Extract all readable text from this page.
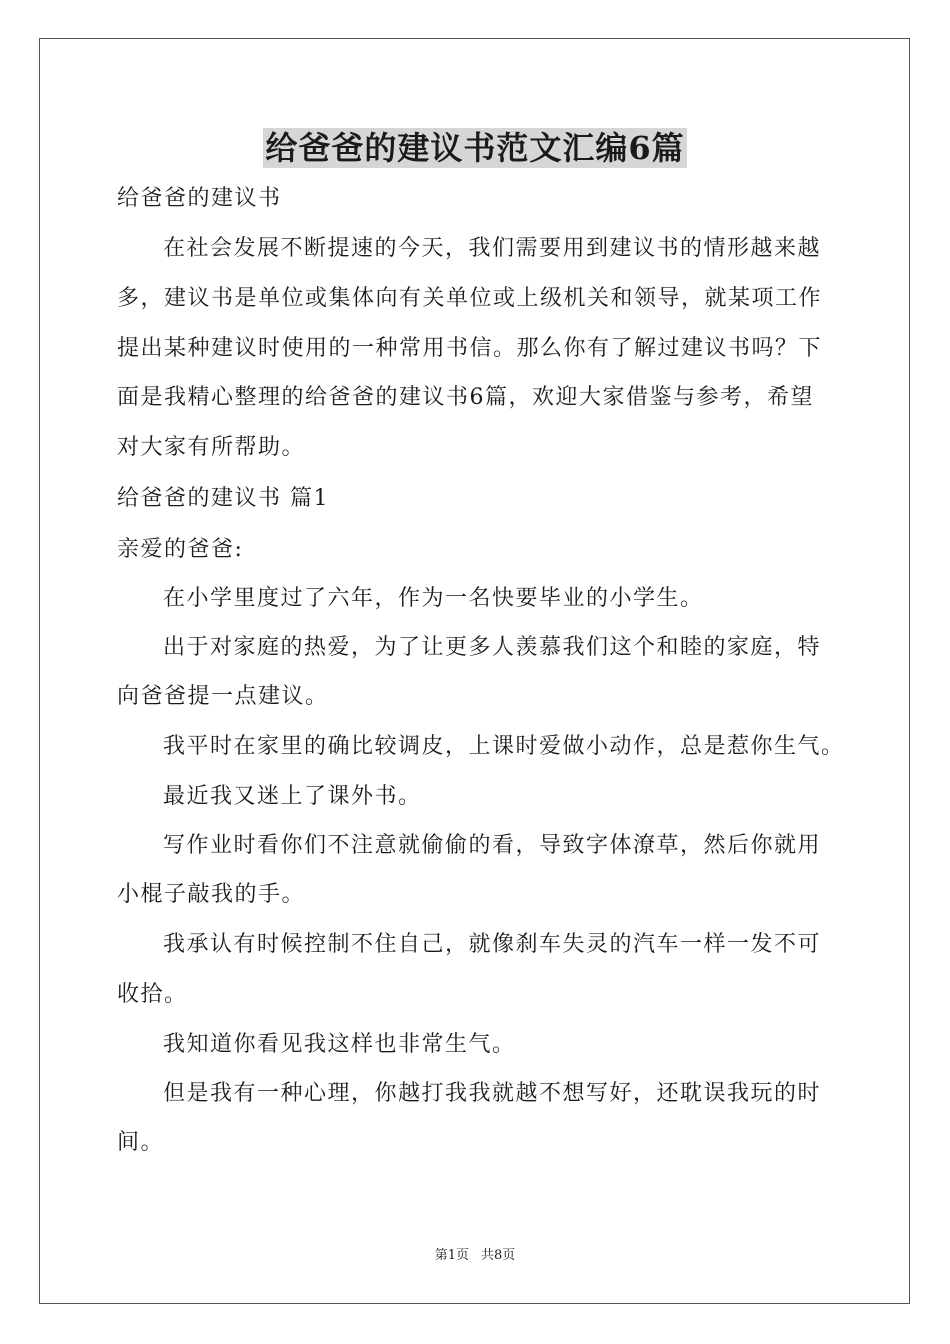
给爸爸的建议书范文汇编6篇
给爸爸的建议书
在社会发展不断提速的今天，我们需要用到建议书的情形越来越
多，建议书是单位或集体向有关单位或上级机关和领导，就某项工作
提出某种建议时使用的一种常用书信。那么你有了解过建议书吗？下
面是我精心整理的给爸爸的建议书6篇，欢迎大家借鉴与参考，希望
对大家有所帮助。
给爸爸的建议书 篇1
亲爱的爸爸:
在小学里度过了六年，作为一名快要毕业的小学生。
出于对家庭的热爱，为了让更多人羡慕我们这个和睦的家庭，特
向爸爸提一点建议。
我平时在家里的确比较调皮，上课时爱做小动作，总是惹你生气。
最近我又迷上了课外书。
写作业时看你们不注意就偷偷的看，导致字体潦草，然后你就用
小棍子敲我的手。
我承认有时候控制不住自己，就像刹车失灵的汽车一样一发不可
收拾。
我知道你看见我这样也非常生气。
但是我有一种心理，你越打我我就越不想写好，还耽误我玩的时
间。
第1页 共8页
